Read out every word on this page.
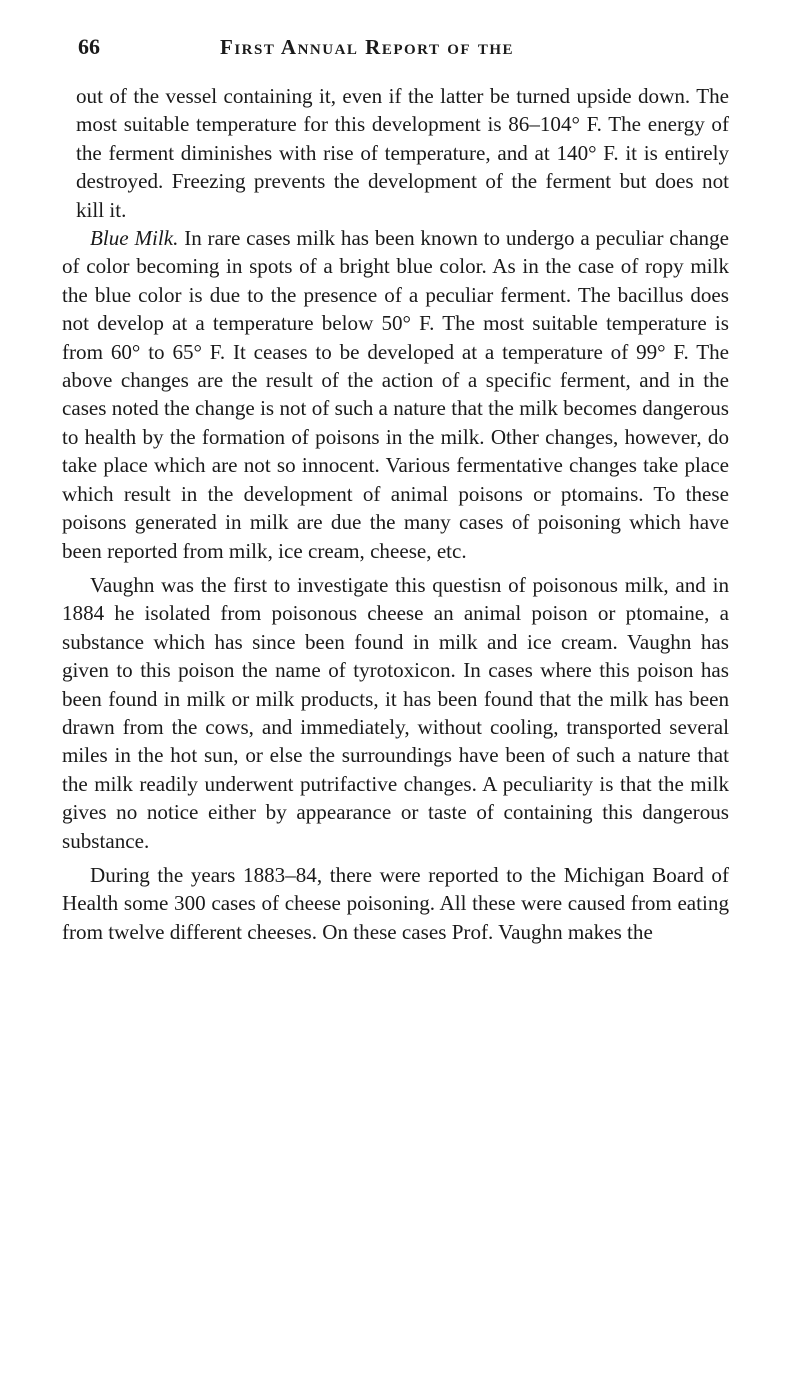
66	First Annual Report of the

out of the vessel containing it, even if the latter be turned upside down. The most suitable temperature for this development is 86–104° F. The energy of the ferment diminishes with rise of temperature, and at 140° F. it is entirely destroyed. Freezing prevents the development of the ferment but does not kill it.

Blue Milk. In rare cases milk has been known to undergo a peculiar change of color becoming in spots of a bright blue color. As in the case of ropy milk the blue color is due to the presence of a peculiar ferment. The bacillus does not develop at a temperature below 50° F. The most suitable temperature is from 60° to 65° F. It ceases to be developed at a temperature of 99° F. The above changes are the result of the action of a specific ferment, and in the cases noted the change is not of such a nature that the milk becomes dangerous to health by the formation of poisons in the milk. Other changes, however, do take place which are not so innocent. Various fermentative changes take place which result in the development of animal poisons or ptomains. To these poisons generated in milk are due the many cases of poisoning which have been reported from milk, ice cream, cheese, etc.

Vaughn was the first to investigate this questisn of poisonous milk, and in 1884 he isolated from poisonous cheese an animal poison or ptomaine, a substance which has since been found in milk and ice cream. Vaughn has given to this poison the name of tyrotoxicon. In cases where this poison has been found in milk or milk products, it has been found that the milk has been drawn from the cows, and immediately, without cooling, transported several miles in the hot sun, or else the surroundings have been of such a nature that the milk readily underwent putrifactive changes. A peculiarity is that the milk gives no notice either by appearance or taste of containing this dangerous substance.

During the years 1883–84, there were reported to the Michigan Board of Health some 300 cases of cheese poisoning. All these were caused from eating from twelve different cheeses. On these cases Prof. Vaughn makes the
